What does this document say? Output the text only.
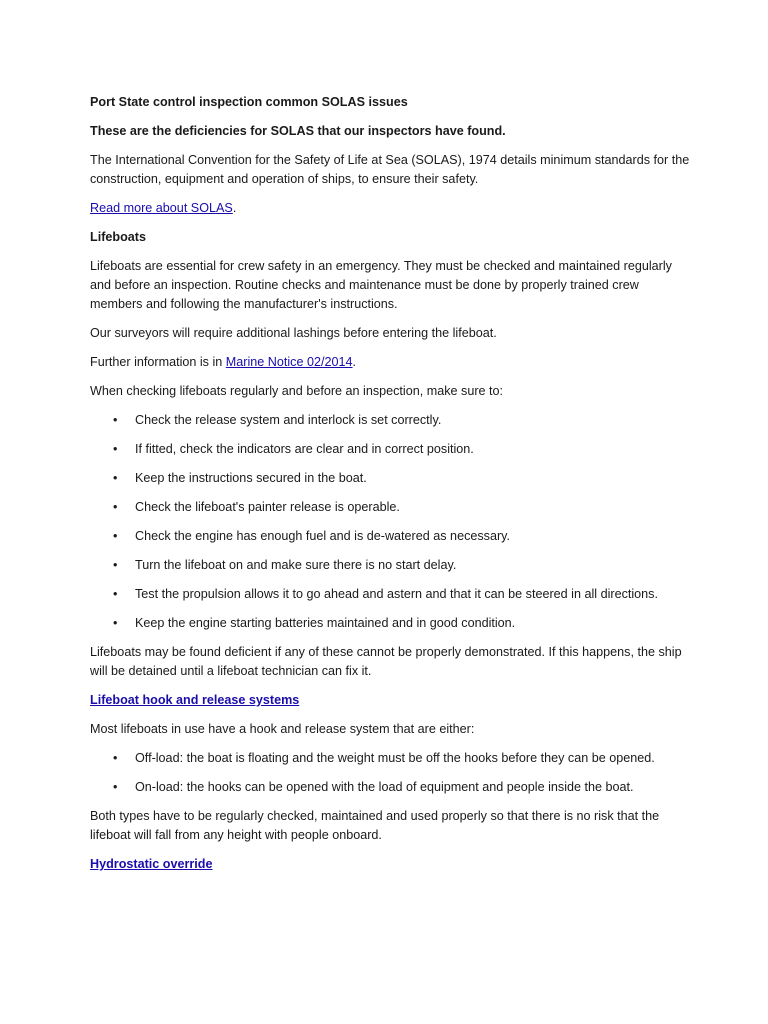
Port State control inspection common SOLAS issues

These are the deficiencies for SOLAS that our inspectors have found.

The International Convention for the Safety of Life at Sea (SOLAS), 1974 details minimum standards for the construction, equipment and operation of ships, to ensure their safety.

Read more about SOLAS.

Lifeboats

Lifeboats are essential for crew safety in an emergency. They must be checked and maintained regularly and before an inspection. Routine checks and maintenance must be done by properly trained crew members and following the manufacturer's instructions.

Our surveyors will require additional lashings before entering the lifeboat.

Further information is in Marine Notice 02/2014.

When checking lifeboats regularly and before an inspection, make sure to:

• Check the release system and interlock is set correctly.
• If fitted, check the indicators are clear and in correct position.
• Keep the instructions secured in the boat.
• Check the lifeboat's painter release is operable.
• Check the engine has enough fuel and is de-watered as necessary.
• Turn the lifeboat on and make sure there is no start delay.
• Test the propulsion allows it to go ahead and astern and that it can be steered in all directions.
• Keep the engine starting batteries maintained and in good condition.

Lifeboats may be found deficient if any of these cannot be properly demonstrated. If this happens, the ship will be detained until a lifeboat technician can fix it.

Lifeboat hook and release systems

Most lifeboats in use have a hook and release system that are either:

• Off-load: the boat is floating and the weight must be off the hooks before they can be opened.
• On-load: the hooks can be opened with the load of equipment and people inside the boat.

Both types have to be regularly checked, maintained and used properly so that there is no risk that the lifeboat will fall from any height with people onboard.

Hydrostatic override
